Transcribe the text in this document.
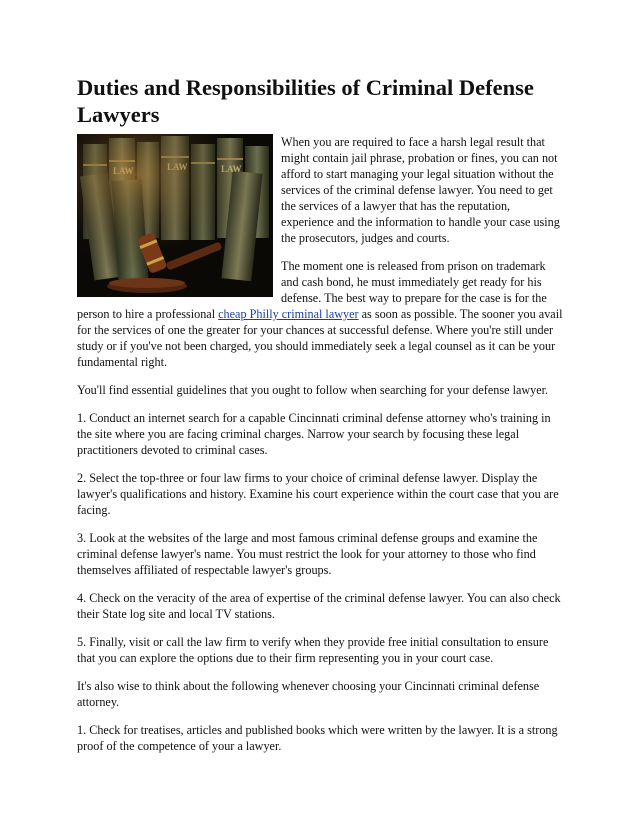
Duties and Responsibilities of Criminal Defense Lawyers

When you are required to face a harsh legal result that might contain jail phrase, probation or fines, you can not afford to start managing your legal situation without the services of the criminal defense lawyer. You need to get the services of a lawyer that has the reputation, experience and the information to handle your case using the prosecutors, judges and courts.

The moment one is released from prison on trademark and cash bond, he must immediately get ready for his defense. The best way to prepare for the case is for the person to hire a professional cheap Philly criminal lawyer as soon as possible. The sooner you avail for the services of one the greater for your chances at successful defense. Where you're still under study or if you've not been charged, you should immediately seek a legal counsel as it can be your fundamental right.

You'll find essential guidelines that you ought to follow when searching for your defense lawyer.

1. Conduct an internet search for a capable Cincinnati criminal defense attorney who's training in the site where you are facing criminal charges. Narrow your search by focusing these legal practitioners devoted to criminal cases.

2. Select the top-three or four law firms to your choice of criminal defense lawyer. Display the lawyer's qualifications and history. Examine his court experience within the court case that you are facing.

3. Look at the websites of the large and most famous criminal defense groups and examine the criminal defense lawyer's name. You must restrict the look for your attorney to those who find themselves affiliated of respectable lawyer's groups.

4. Check on the veracity of the area of expertise of the criminal defense lawyer. You can also check their State log site and local TV stations.

5. Finally, visit or call the law firm to verify when they provide free initial consultation to ensure that you can explore the options due to their firm representing you in your court case.

It's also wise to think about the following whenever choosing your Cincinnati criminal defense attorney.

1. Check for treatises, articles and published books which were written by the lawyer. It is a strong proof of the competence of your a lawyer.
